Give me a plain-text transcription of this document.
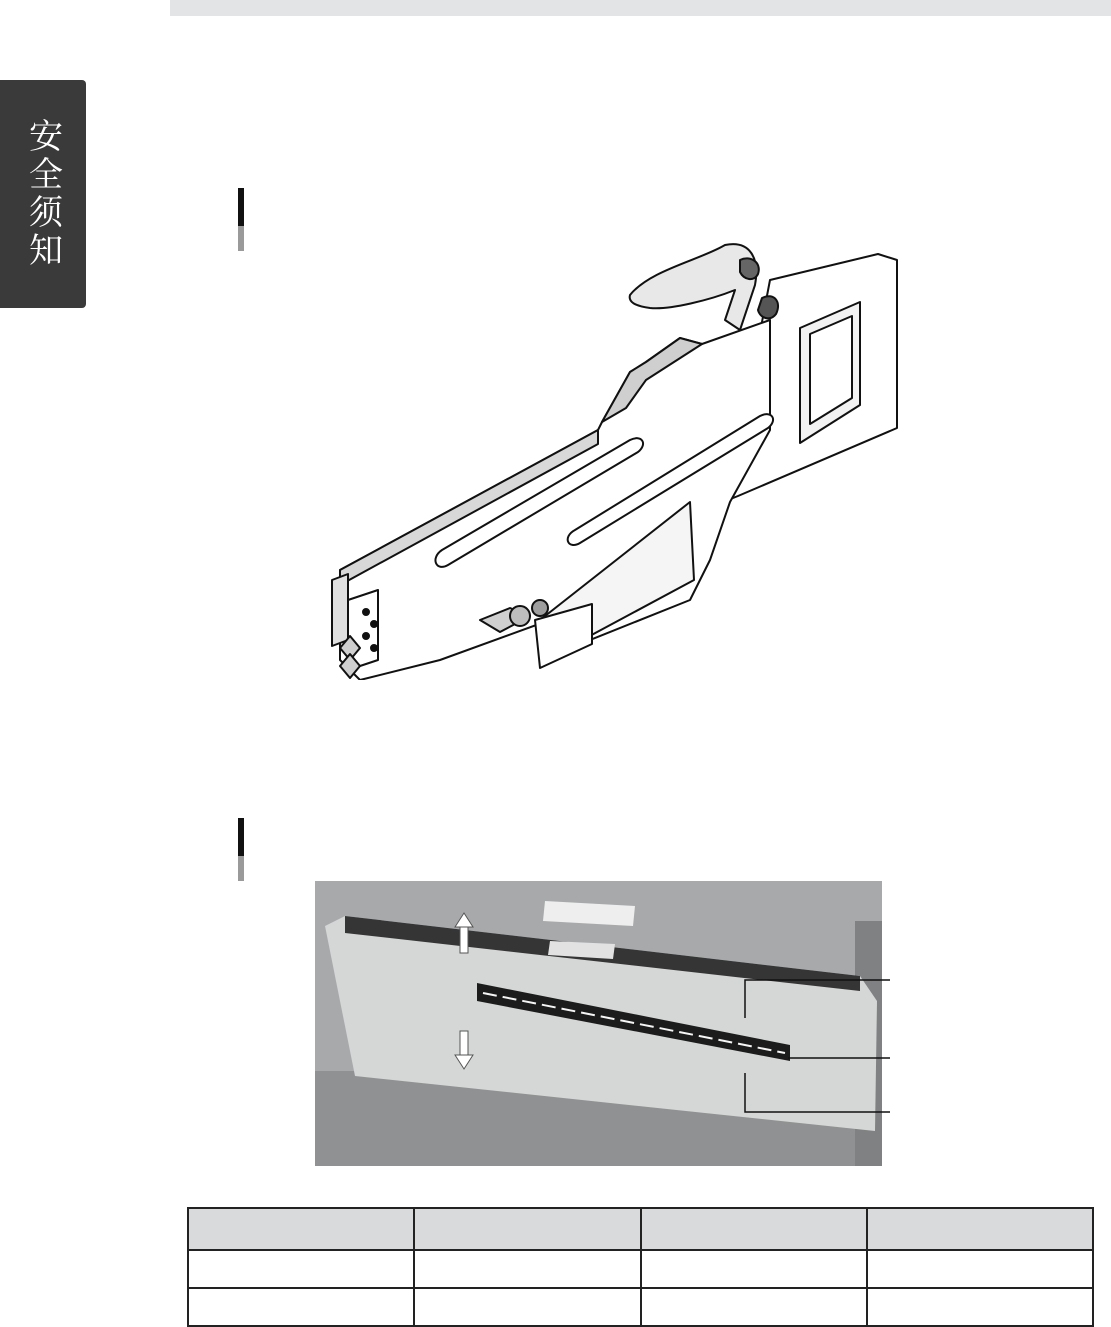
安全须知
